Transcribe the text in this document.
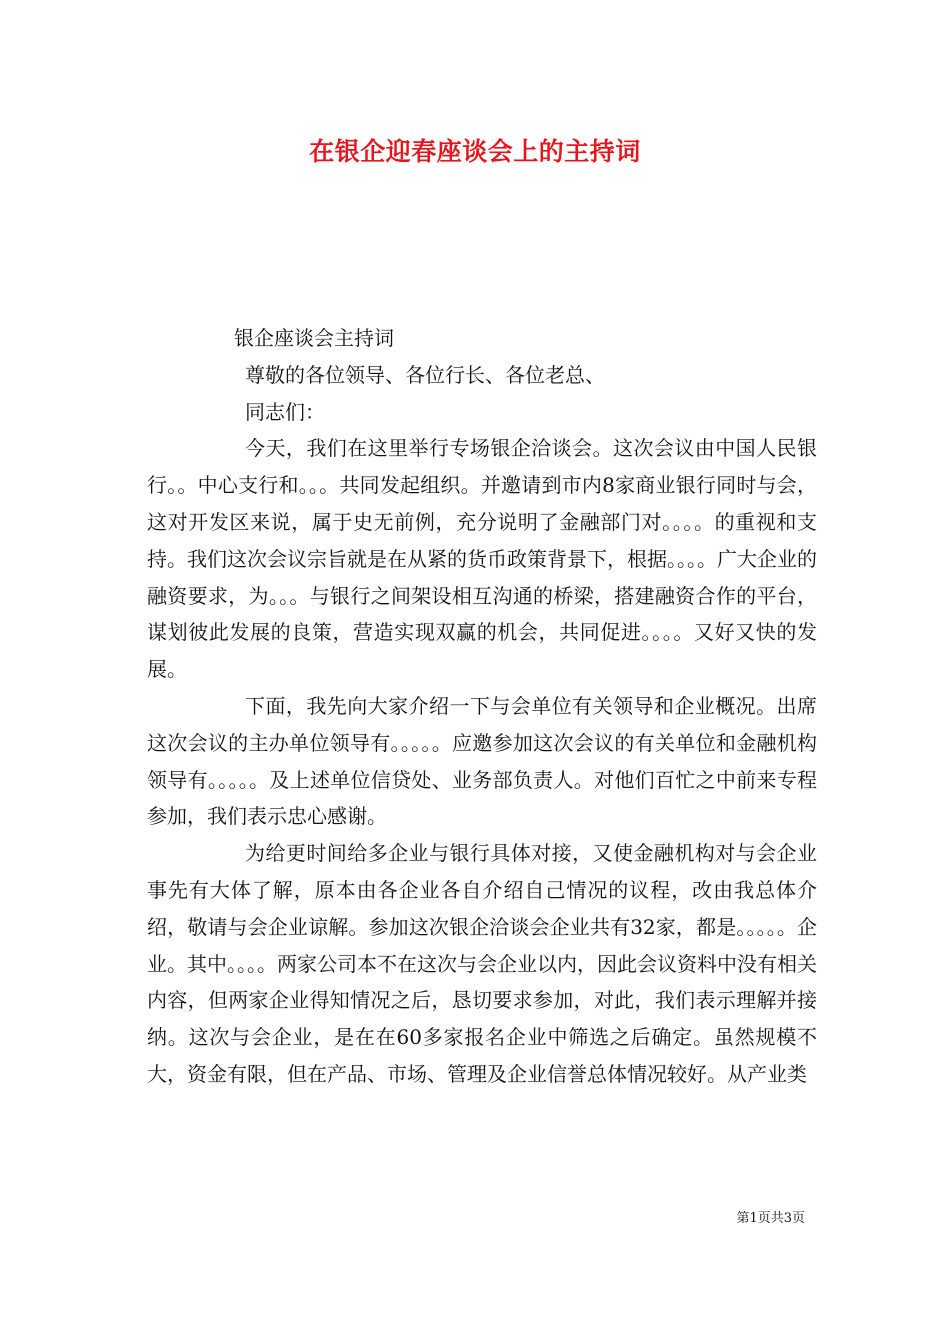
在银企迎春座谈会上的主持词

银企座谈会主持词

尊敬的各位领导、各位行长、各位老总、

同志们：

今天，我们在这里举行专场银企洽谈会。这次会议由中国人民银行。。中心支行和。。。共同发起组织。并邀请到市内8家商业银行同时与会，这对开发区来说，属于史无前例，充分说明了金融部门对。。。。的重视和支持。我们这次会议宗旨就是在从紧的货币政策背景下，根据。。。。广大企业的融资要求，为。。。与银行之间架设相互沟通的桥梁，搭建融资合作的平台，谋划彼此发展的良策，营造实现双赢的机会，共同促进。。。。又好又快的发展。

下面，我先向大家介绍一下与会单位有关领导和企业概况。出席这次会议的主办单位领导有。。。。。应邀参加这次会议的有关单位和金融机构领导有。。。。。及上述单位信贷处、业务部负责人。对他们百忙之中前来专程参加，我们表示忠心感谢。

为给更时间给多企业与银行具体对接，又使金融机构对与会企业事先有大体了解，原本由各企业各自介绍自己情况的议程，改由我总体介绍，敬请与会企业谅解。参加这次银企洽谈会企业共有32家，都是。。。。。企业。其中。。。。两家公司本不在这次与会企业以内，因此会议资料中没有相关内容，但两家企业得知情况之后，恳切要求参加，对此，我们表示理解并接纳。这次与会企业，是在在60多家报名企业中筛选之后确定。虽然规模不大，资金有限，但在产品、市场、管理及企业信誉总体情况较好。从产业类

第1页共3页
